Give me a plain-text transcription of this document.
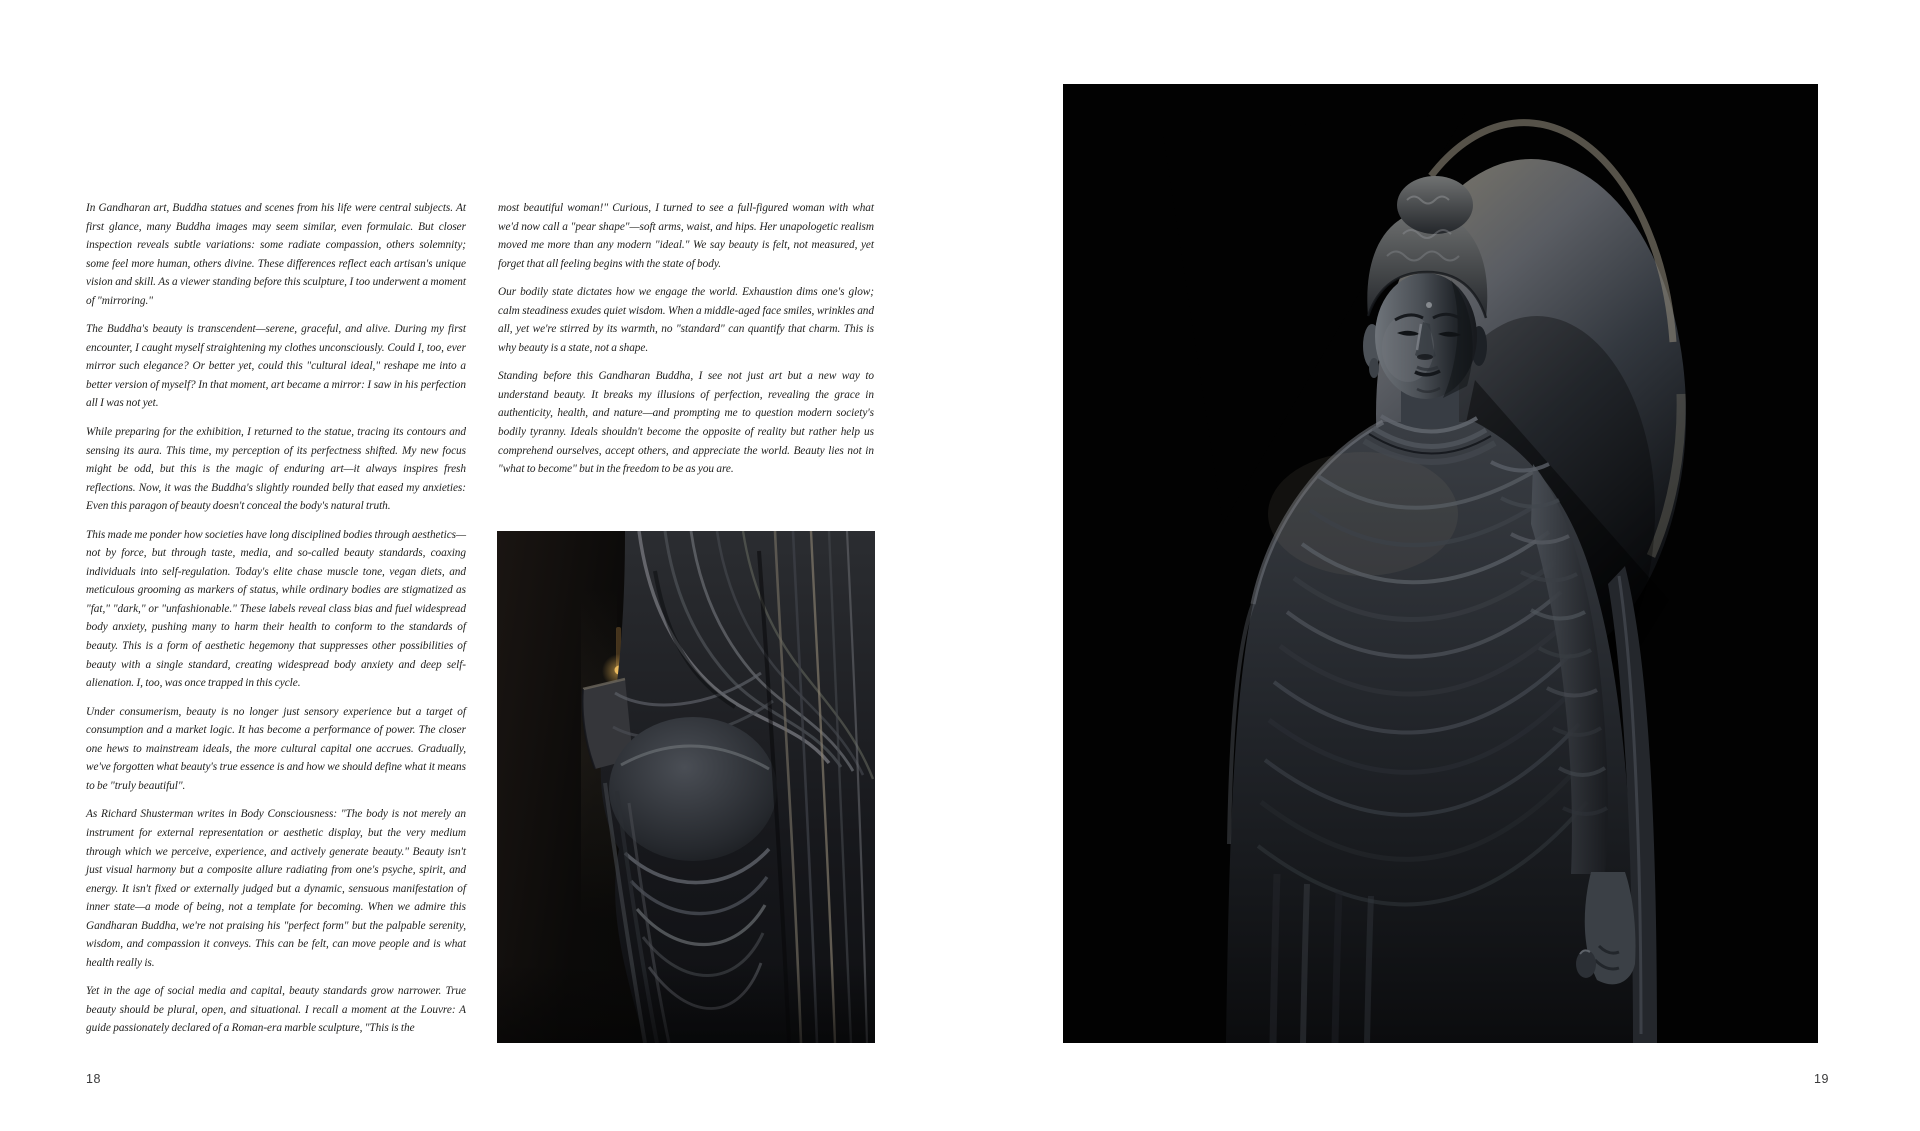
In Gandharan art, Buddha statues and scenes from his life were central subjects. At first glance, many Buddha images may seem similar, even formulaic. But closer inspection reveals subtle variations: some radiate compassion, others solemnity; some feel more human, others divine. These differences reflect each artisan's unique vision and skill. As a viewer standing before this sculpture, I too underwent a moment of "mirroring."

The Buddha's beauty is transcendent—serene, graceful, and alive. During my first encounter, I caught myself straightening my clothes unconsciously. Could I, too, ever mirror such elegance? Or better yet, could this "cultural ideal," reshape me into a better version of myself? In that moment, art became a mirror: I saw in his perfection all I was not yet.

While preparing for the exhibition, I returned to the statue, tracing its contours and sensing its aura. This time, my perception of its perfectness shifted. My new focus might be odd, but this is the magic of enduring art—it always inspires fresh reflections. Now, it was the Buddha's slightly rounded belly that eased my anxieties: Even this paragon of beauty doesn't conceal the body's natural truth.

This made me ponder how societies have long disciplined bodies through aesthetics—not by force, but through taste, media, and so-called beauty standards, coaxing individuals into self-regulation. Today's elite chase muscle tone, vegan diets, and meticulous grooming as markers of status, while ordinary bodies are stigmatized as "fat," "dark," or "unfashionable." These labels reveal class bias and fuel widespread body anxiety, pushing many to harm their health to conform to the standards of beauty. This is a form of aesthetic hegemony that suppresses other possibilities of beauty with a single standard, creating widespread body anxiety and deep self-alienation. I, too, was once trapped in this cycle.

Under consumerism, beauty is no longer just sensory experience but a target of consumption and a market logic. It has become a performance of power. The closer one hews to mainstream ideals, the more cultural capital one accrues. Gradually, we've forgotten what beauty's true essence is and how we should define what it means to be "truly beautiful".

As Richard Shusterman writes in Body Consciousness: "The body is not merely an instrument for external representation or aesthetic display, but the very medium through which we perceive, experience, and actively generate beauty." Beauty isn't just visual harmony but a composite allure radiating from one's psyche, spirit, and energy. It isn't fixed or externally judged but a dynamic, sensuous manifestation of inner state—a mode of being, not a template for becoming. When we admire this Gandharan Buddha, we're not praising his "perfect form" but the palpable serenity, wisdom, and compassion it conveys. This can be felt, can move people and is what health really is.

Yet in the age of social media and capital, beauty standards grow narrower. True beauty should be plural, open, and situational. I recall a moment at the Louvre: A guide passionately declared of a Roman-era marble sculpture, "This is the

most beautiful woman!" Curious, I turned to see a full-figured woman with what we'd now call a "pear shape"—soft arms, waist, and hips. Her unapologetic realism moved me more than any modern "ideal." We say beauty is felt, not measured, yet forget that all feeling begins with the state of body.

Our bodily state dictates how we engage the world. Exhaustion dims one's glow; calm steadiness exudes quiet wisdom. When a middle-aged face smiles, wrinkles and all, yet we're stirred by its warmth, no "standard" can quantify that charm. This is why beauty is a state, not a shape.

Standing before this Gandharan Buddha, I see not just art but a new way to understand beauty. It breaks my illusions of perfection, revealing the grace in authenticity, health, and nature—and prompting me to question modern society's bodily tyranny. Ideals shouldn't become the opposite of reality but rather help us comprehend ourselves, accept others, and appreciate the world. Beauty lies not in "what to become" but in the freedom to be as you are.

18	19
